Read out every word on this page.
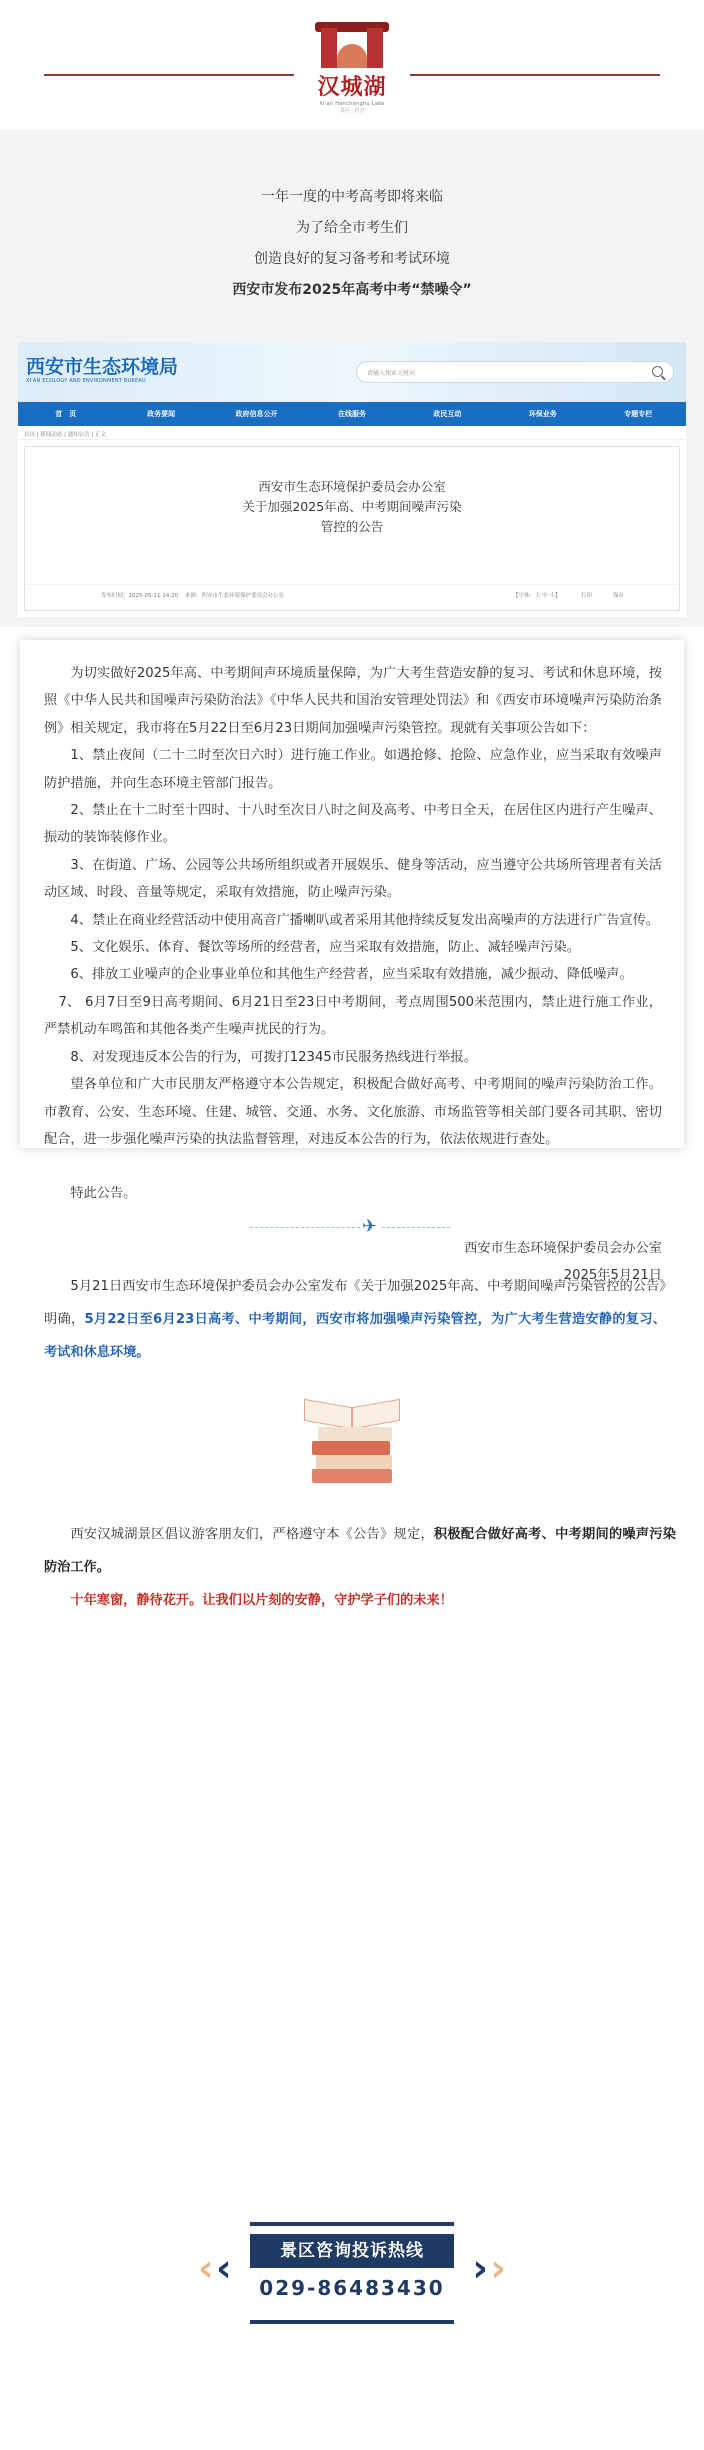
汉城湖
Xi'an Hanchenghu Lake
景区 · 官方

一年一度的中考高考即将来临

为了给全市考生们

创造良好的复习备考和考试环境

西安市发布2025年高考中考“禁噪令”

西安市生态环境局
XI'AN ECOLOGY AND ENVIRONMENT BUREAU
请输入搜索关键词
首　页	政务要闻	政府信息公开	在线服务	政民互动	环保业务	专题专栏
首页 | 新闻动态 | 通知公告 | 正文

西安市生态环境保护委员会办公室

关于加强2025年高、中考期间噪声污染

管控的公告

发布时间：2025-05-21 14:20 来源：西安市生态环境保护委员会办公室	【字体：大 中 小】	打印	保存

为切实做好2025年高、中考期间声环境质量保障，为广大考生营造安静的复习、考试和休息环境，按照《中华人民共和国噪声污染防治法》《中华人民共和国治安管理处罚法》和《西安市环境噪声污染防治条例》相关规定，我市将在5月22日至6月23日期间加强噪声污染管控。现就有关事项公告如下：

1、禁止夜间（二十二时至次日六时）进行施工作业。如遇抢修、抢险、应急作业，应当采取有效噪声防护措施，并向生态环境主管部门报告。

2、禁止在十二时至十四时、十八时至次日八时之间及高考、中考日全天，在居住区内进行产生噪声、振动的装饰装修作业。

3、在街道、广场、公园等公共场所组织或者开展娱乐、健身等活动，应当遵守公共场所管理者有关活动区域、时段、音量等规定，采取有效措施，防止噪声污染。

4、禁止在商业经营活动中使用高音广播喇叭或者采用其他持续反复发出高噪声的方法进行广告宣传。

5、文化娱乐、体育、餐饮等场所的经营者，应当采取有效措施，防止、减轻噪声污染。

6、排放工业噪声的企业事业单位和其他生产经营者，应当采取有效措施，减少振动、降低噪声。

7、 6月7日至9日高考期间、6月21日至23日中考期间，考点周围500米范围内，禁止进行施工作业，严禁机动车鸣笛和其他各类产生噪声扰民的行为。

8、对发现违反本公告的行为，可拨打12345市民服务热线进行举报。

望各单位和广大市民朋友严格遵守本公告规定，积极配合做好高考、中考期间的噪声污染防治工作。市教育、公安、生态环境、住建、城管、交通、水务、文化旅游、市场监管等相关部门要各司其职、密切配合，进一步强化噪声污染的执法监督管理，对违反本公告的行为，依法依规进行查处。

特此公告。

西安市生态环境保护委员会办公室

2025年5月21日

✈

5月21日西安市生态环境保护委员会办公室发布《关于加强2025年高、中考期间噪声污染管控的公告》明确，5月22日至6月23日高考、中考期间，西安市将加强噪声污染管控，为广大考生营造安静的复习、考试和休息环境。

西安汉城湖景区倡议游客朋友们，严格遵守本《公告》规定，积极配合做好高考、中考期间的噪声污染防治工作。

十年寒窗，静待花开。让我们以片刻的安静，守护学子们的未来！

‹ ‹	景区咨询投诉热线
029-86483430 › ›
